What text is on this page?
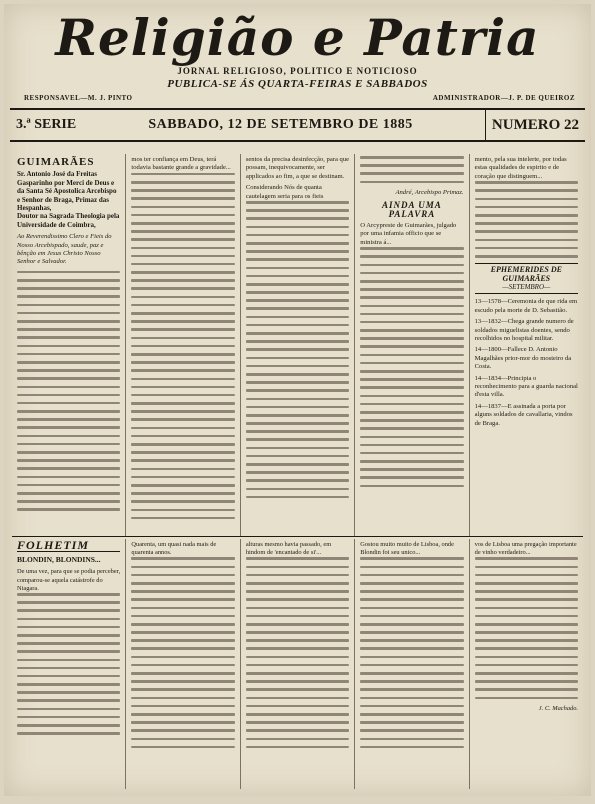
Religião e Patria
JORNAL RELIGIOSO, POLITICO E NOTICIOSO
PUBLICA-SE ÁS QUARTA-FEIRAS E SABBADOS
RESPONSAVEL—M. J. PINTO	ADMINISTRADOR—J. P. DE QUEIROZ
3.ª SERIE	SABBADO, 12 DE SETEMBRO DE 1885	NUMERO 22
GUIMARÃES
Sr. Antonio José da Freitas Gasparinho por Merci de Deus e da Santa Sé Apostolica Arcebispo e Senhor de Braga, Primaz das Hespanhas,
Doutor na Sagrada Theologia pela Universidade de Coimbra,
Ao Reverendissimo Clero e Fieis do Nosso Arcebispado, saude, paz e bênção em Jesus Christo Nosso Senhor e Salvador.
mos ter confiança em Deus, terá todavia bastante grande a gravidade...
sentos da precisa desinfecção, para que possam, inequivocamente, ser applicados ao fim, a que se destinam.
Considerando Nós de quanta cautelagem seria para os fieis
André, Arcebispo Primaz.
AINDA UMA PALAVRA
O Arcypreste de Guimarães, julgado por uma infamia officio que se ministra á...
mento, pela sua intelerte, por todas estas qualidades de espirito e de coração que distinguem...
EPHEMERIDES DE GUIMARÃES
—SETEMBRO—
13—1578—Ceremonia de que rida em escudo pela morte de D. Sebastião.
13—1832—Chega grande numero de soldados miguelistas doentes, sendo recolhidos no hospital militar.
14—1800—Fallece D. Antonio Magalhães prior-mor do mosteiro da Costa.
14—1834—Principia o reconhecimento para a guarda nacional d'esta villa.
14—1837—E assinada a porta por alguns soldados de cavallaria, vindos de Braga.
FOLHETIM
BLONDIN, BLONDINS...
De uma vez, para que se podia perceber, comparou-se aquela catástrofe do Niagara.
Quarenta, um quasi nada mais de quarenta annos.
alturas mesmo havia passado, em hindom de 'encantado de si'...
Gostou muito muito de Lisboa, onde Blondin foi seu unico...
vos de Lisboa uma pregação importante de vinho verdadeiro...
J. C. Machado.
